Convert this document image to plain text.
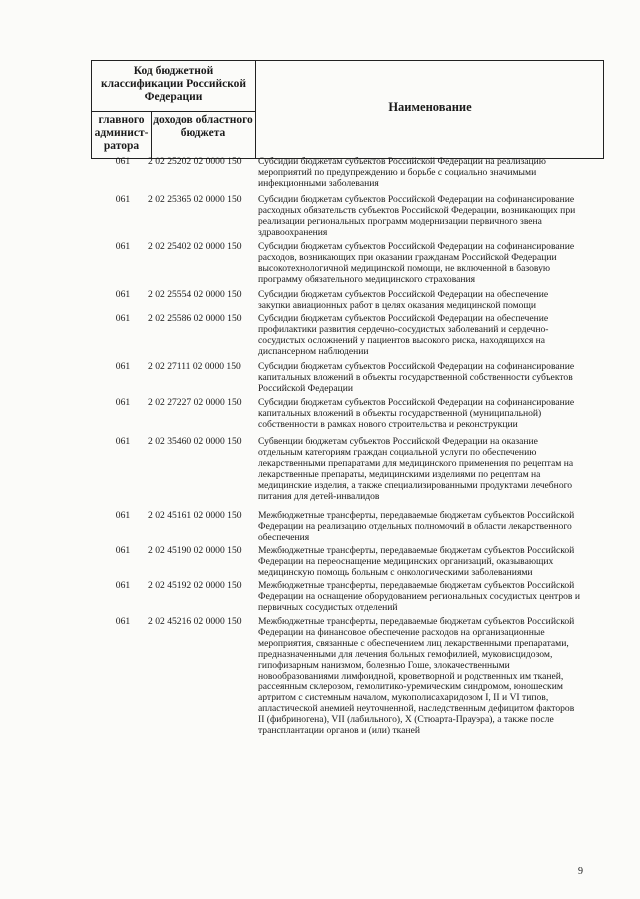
Код бюджетной классификации Российской Федерации
главного админист-ратора
доходов областного бюджета
Наименование
061	2 02 25202 02 0000 150	Субсидии бюджетам субъектов Российской Федерации на реализацию
мероприятий по предупреждению и борьбе с социально значимыми
инфекционными заболевания
061	2 02 25365 02 0000 150	Субсидии бюджетам субъектов Российской Федерации на софинансирование
расходных обязательств субъектов Российской Федерации, возникающих при
реализации региональных программ модернизации первичного звена
здравоохранения
061	2 02 25402 02 0000 150	Субсидии бюджетам субъектов Российской Федерации на софинансирование
расходов, возникающих при оказании гражданам Российской Федерации
высокотехнологичной медицинской помощи, не включенной в базовую
программу обязательного медицинского страхования
061	2 02 25554 02 0000 150	Субсидии бюджетам субъектов Российской Федерации на обеспечение
закупки авиационных работ в целях оказания медицинской помощи
061	2 02 25586 02 0000 150	Субсидии бюджетам субъектов Российской Федерации на обеспечение
профилактики развития сердечно-сосудистых заболеваний и сердечно-
сосудистых осложнений у пациентов высокого риска, находящихся на
диспансерном наблюдении
061	2 02 27111 02 0000 150	Субсидии бюджетам субъектов Российской Федерации на софинансирование
капитальных вложений в объекты государственной собственности субъектов
Российской Федерации
061	2 02 27227 02 0000 150	Субсидии бюджетам субъектов Российской Федерации на софинансирование
капитальных вложений в объекты государственной (муниципальной)
собственности в рамках нового строительства и реконструкции
061	2 02 35460 02 0000 150	Субвенции бюджетам субъектов Российской Федерации на оказание
отдельным категориям граждан социальной услуги по обеспечению
лекарственными препаратами для медицинского применения по рецептам на
лекарственные препараты, медицинскими изделиями по рецептам на
медицинские изделия, а также специализированными продуктами лечебного
питания для детей-инвалидов
061	2 02 45161 02 0000 150	Межбюджетные трансферты, передаваемые бюджетам субъектов Российской
Федерации на реализацию отдельных полномочий в области лекарственного
обеспечения
061	2 02 45190 02 0000 150	Межбюджетные трансферты, передаваемые бюджетам субъектов Российской
Федерации на переоснащение медицинских организаций, оказывающих
медицинскую помощь больным с онкологическими заболеваниями
061	2 02 45192 02 0000 150	Межбюджетные трансферты, передаваемые бюджетам субъектов Российской
Федерации на оснащение оборудованием региональных сосудистых центров и
первичных сосудистых отделений
061	2 02 45216 02 0000 150	Межбюджетные трансферты, передаваемые бюджетам субъектов Российской
Федерации на финансовое обеспечение расходов на организационные
мероприятия, связанные с обеспечением лиц лекарственными препаратами,
предназначенными для лечения больных гемофилией, муковисцидозом,
гипофизарным нанизмом, болезнью Гоше, злокачественными
новообразованиями лимфоидной, кроветворной и родственных им тканей,
рассеянным склерозом, гемолитико-уремическим синдромом, юношеским
артритом с системным началом, мукополисахаридозом I, II и VI типов,
апластической анемией неуточненной, наследственным дефицитом факторов
II (фибриногена), VII (лабильного), X (Стюарта-Прауэра), а также после
трансплантации органов и (или) тканей
9
